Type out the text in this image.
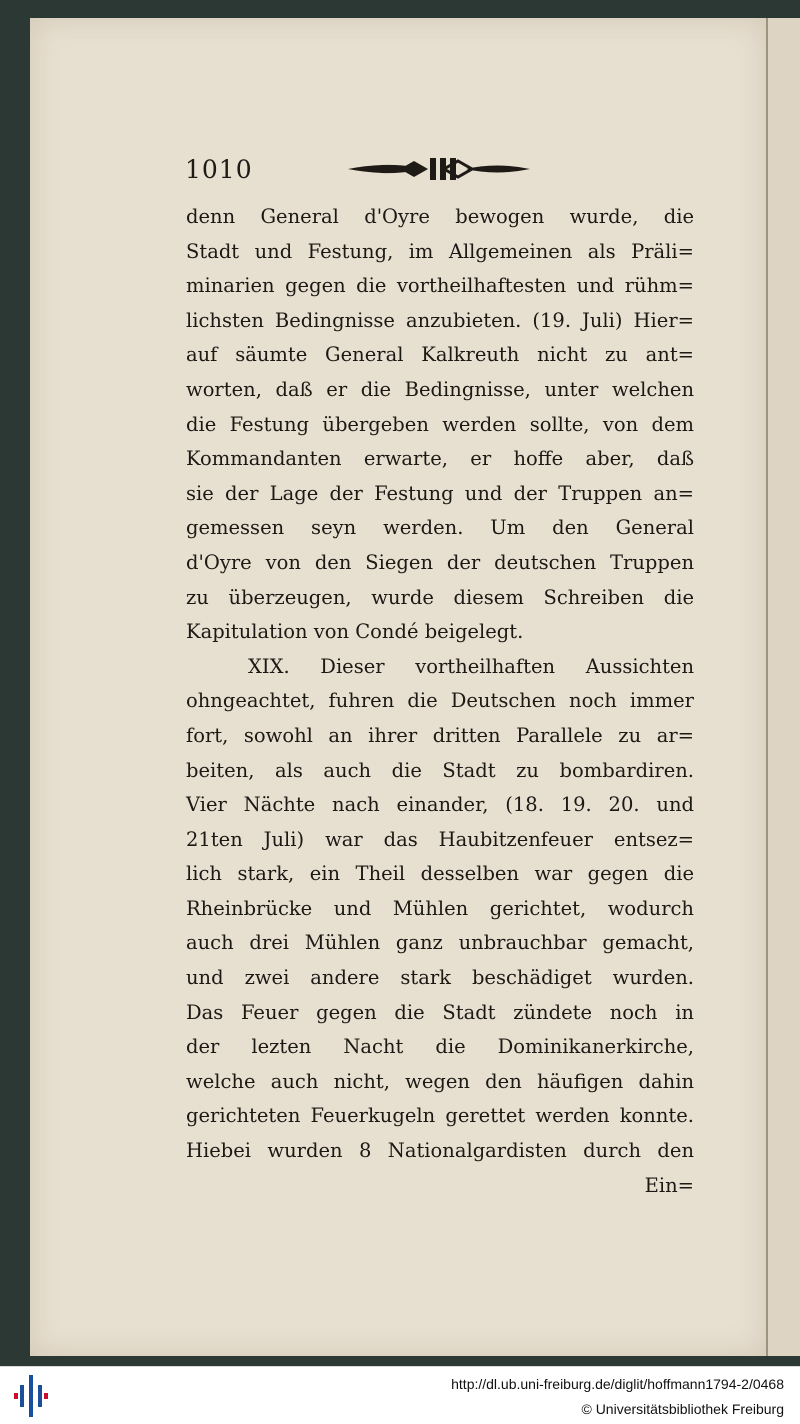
1010
denn General d'Oyre bewogen wurde, die
Stadt und Festung, im Allgemeinen als Präli=
minarien gegen die vortheilhaftesten und rühm=
lichsten Bedingnisse anzubieten. (19. Juli) Hier=
auf säumte General Kalkreuth nicht zu ant=
worten, daß er die Bedingnisse, unter welchen
die Festung übergeben werden sollte, von dem
Kommandanten erwarte, er hoffe aber, daß
sie der Lage der Festung und der Truppen an=
gemessen seyn werden. Um den General
d'Oyre von den Siegen der deutschen Truppen
zu überzeugen, wurde diesem Schreiben die
Kapitulation von Condé beigelegt.
XIX. Dieser vortheilhaften Aussichten
ohngeachtet, fuhren die Deutschen noch immer
fort, sowohl an ihrer dritten Parallele zu ar=
beiten, als auch die Stadt zu bombardiren.
Vier Nächte nach einander, (18. 19. 20. und
21ten Juli) war das Haubitzenfeuer entsez=
lich stark, ein Theil desselben war gegen die
Rheinbrücke und Mühlen gerichtet, wodurch
auch drei Mühlen ganz unbrauchbar gemacht,
und zwei andere stark beschädiget wurden.
Das Feuer gegen die Stadt zündete noch in
der lezten Nacht die Dominikanerkirche,
welche auch nicht, wegen den häufigen dahin
gerichteten Feuerkugeln gerettet werden konnte.
Hiebei wurden 8 Nationalgardisten durch den
Ein=
http://dl.ub.uni-freiburg.de/diglit/hoffmann1794-2/0468
© Universitätsbibliothek Freiburg
